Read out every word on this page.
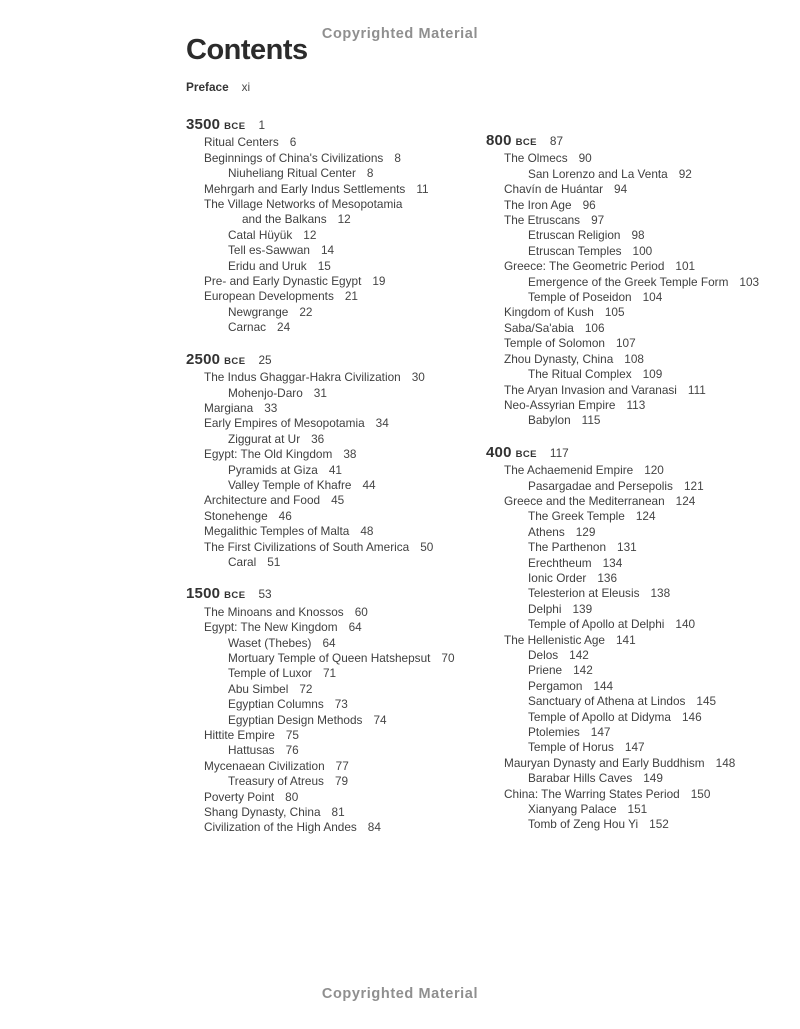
Copyrighted Material
Contents
Preface xi
3500 BCE 1
Ritual Centers 6
Beginnings of China's Civilizations 8
Niuheliang Ritual Center 8
Mehrgarh and Early Indus Settlements 11
The Village Networks of Mesopotamia
and the Balkans 12
Catal Hüyük 12
Tell es-Sawwan 14
Eridu and Uruk 15
Pre- and Early Dynastic Egypt 19
European Developments 21
Newgrange 22
Carnac 24
2500 BCE 25
The Indus Ghaggar-Hakra Civilization 30
Mohenjo-Daro 31
Margiana 33
Early Empires of Mesopotamia 34
Ziggurat at Ur 36
Egypt: The Old Kingdom 38
Pyramids at Giza 41
Valley Temple of Khafre 44
Architecture and Food 45
Stonehenge 46
Megalithic Temples of Malta 48
The First Civilizations of South America 50
Caral 51
1500 BCE 53
The Minoans and Knossos 60
Egypt: The New Kingdom 64
Waset (Thebes) 64
Mortuary Temple of Queen Hatshepsut 70
Temple of Luxor 71
Abu Simbel 72
Egyptian Columns 73
Egyptian Design Methods 74
Hittite Empire 75
Hattusas 76
Mycenaean Civilization 77
Treasury of Atreus 79
Poverty Point 80
Shang Dynasty, China 81
Civilization of the High Andes 84
800 BCE 87
The Olmecs 90
San Lorenzo and La Venta 92
Chavín de Huántar 94
The Iron Age 96
The Etruscans 97
Etruscan Religion 98
Etruscan Temples 100
Greece: The Geometric Period 101
Emergence of the Greek Temple Form 103
Temple of Poseidon 104
Kingdom of Kush 105
Saba/Sa'abia 106
Temple of Solomon 107
Zhou Dynasty, China 108
The Ritual Complex 109
The Aryan Invasion and Varanasi 111
Neo-Assyrian Empire 113
Babylon 115
400 BCE 117
The Achaemenid Empire 120
Pasargadae and Persepolis 121
Greece and the Mediterranean 124
The Greek Temple 124
Athens 129
The Parthenon 131
Erechtheum 134
Ionic Order 136
Telesterion at Eleusis 138
Delphi 139
Temple of Apollo at Delphi 140
The Hellenistic Age 141
Delos 142
Priene 142
Pergamon 144
Sanctuary of Athena at Lindos 145
Temple of Apollo at Didyma 146
Ptolemies 147
Temple of Horus 147
Mauryan Dynasty and Early Buddhism 148
Barabar Hills Caves 149
China: The Warring States Period 150
Xianyang Palace 151
Tomb of Zeng Hou Yi 152
Copyrighted Material
